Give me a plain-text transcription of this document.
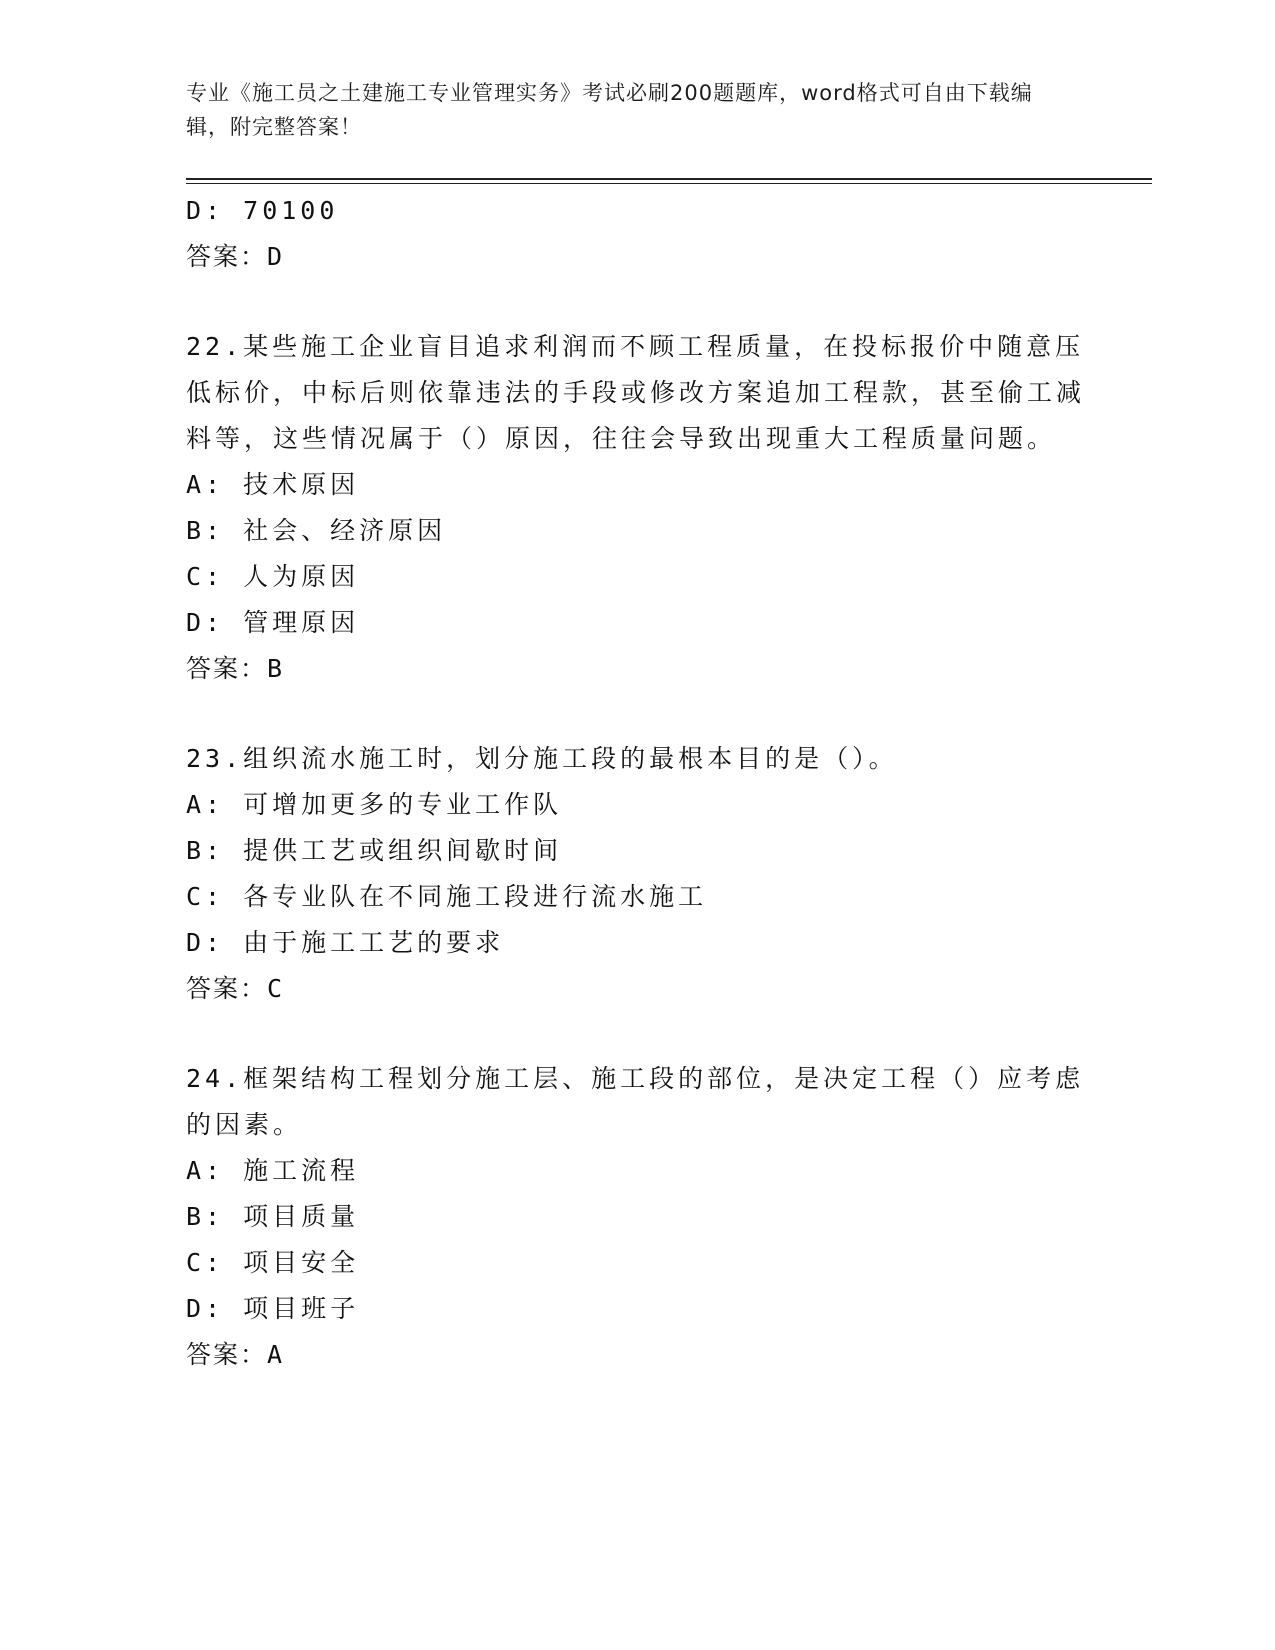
专业《施工员之土建施工专业管理实务》考试必刷200题题库，word格式可自由下载编辑，附完整答案！
D: 70100
答案：D
22.某些施工企业盲目追求利润而不顾工程质量，在投标报价中随意压低标价，中标后则依靠违法的手段或修改方案追加工程款，甚至偷工减料等，这些情况属于（）原因，往往会导致出现重大工程质量问题。
A: 技术原因
B: 社会、经济原因
C: 人为原因
D: 管理原因
答案：B
23.组织流水施工时，划分施工段的最根本目的是（）。
A: 可增加更多的专业工作队
B: 提供工艺或组织间歇时间
C: 各专业队在不同施工段进行流水施工
D: 由于施工工艺的要求
答案：C
24.框架结构工程划分施工层、施工段的部位，是决定工程（）应考虑的因素。
A: 施工流程
B: 项目质量
C: 项目安全
D: 项目班子
答案：A
